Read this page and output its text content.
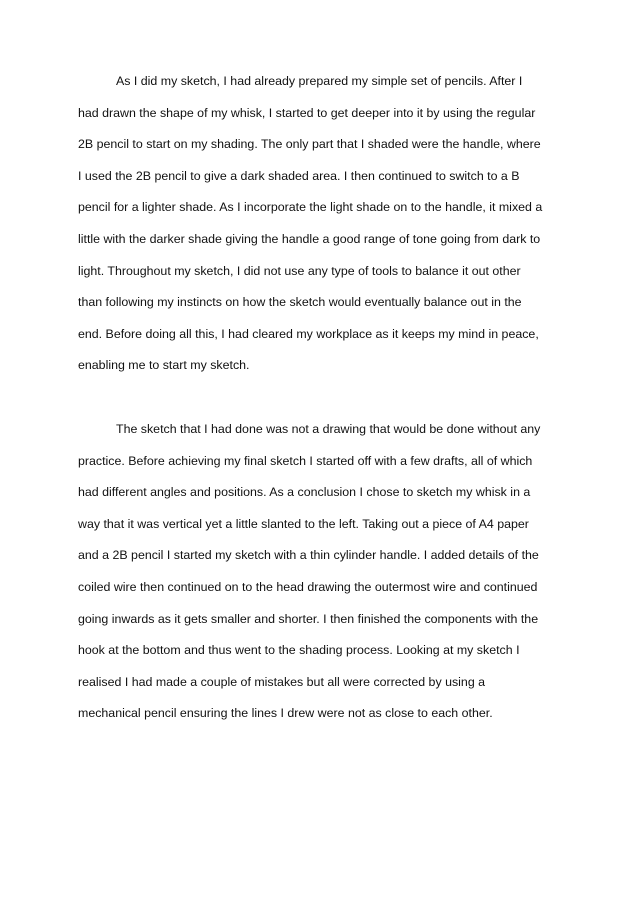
As I did my sketch, I had already prepared my simple set of pencils. After I
had drawn the shape of my whisk, I started to get deeper into it by using the regular
2B pencil to start on my shading. The only part that I shaded were the handle, where
I used the 2B pencil to give a dark shaded area. I then continued to switch to a B
pencil for a lighter shade. As I incorporate the light shade on to the handle, it mixed a
little with the darker shade giving the handle a good range of tone going from dark to
light. Throughout my sketch, I did not use any type of tools to balance it out other
than following my instincts on how the sketch would eventually balance out in the
end. Before doing all this, I had cleared my workplace as it keeps my mind in peace,
enabling me to start my sketch.

The sketch that I had done was not a drawing that would be done without any
practice. Before achieving my final sketch I started off with a few drafts, all of which
had different angles and positions. As a conclusion I chose to sketch my whisk in a
way that it was vertical yet a little slanted to the left. Taking out a piece of A4 paper
and a 2B pencil I started my sketch with a thin cylinder handle. I added details of the
coiled wire then continued on to the head drawing the outermost wire and continued
going inwards as it gets smaller and shorter. I then finished the components with the
hook at the bottom and thus went to the shading process. Looking at my sketch I
realised I had made a couple of mistakes but all were corrected by using a
mechanical pencil ensuring the lines I drew were not as close to each other.
